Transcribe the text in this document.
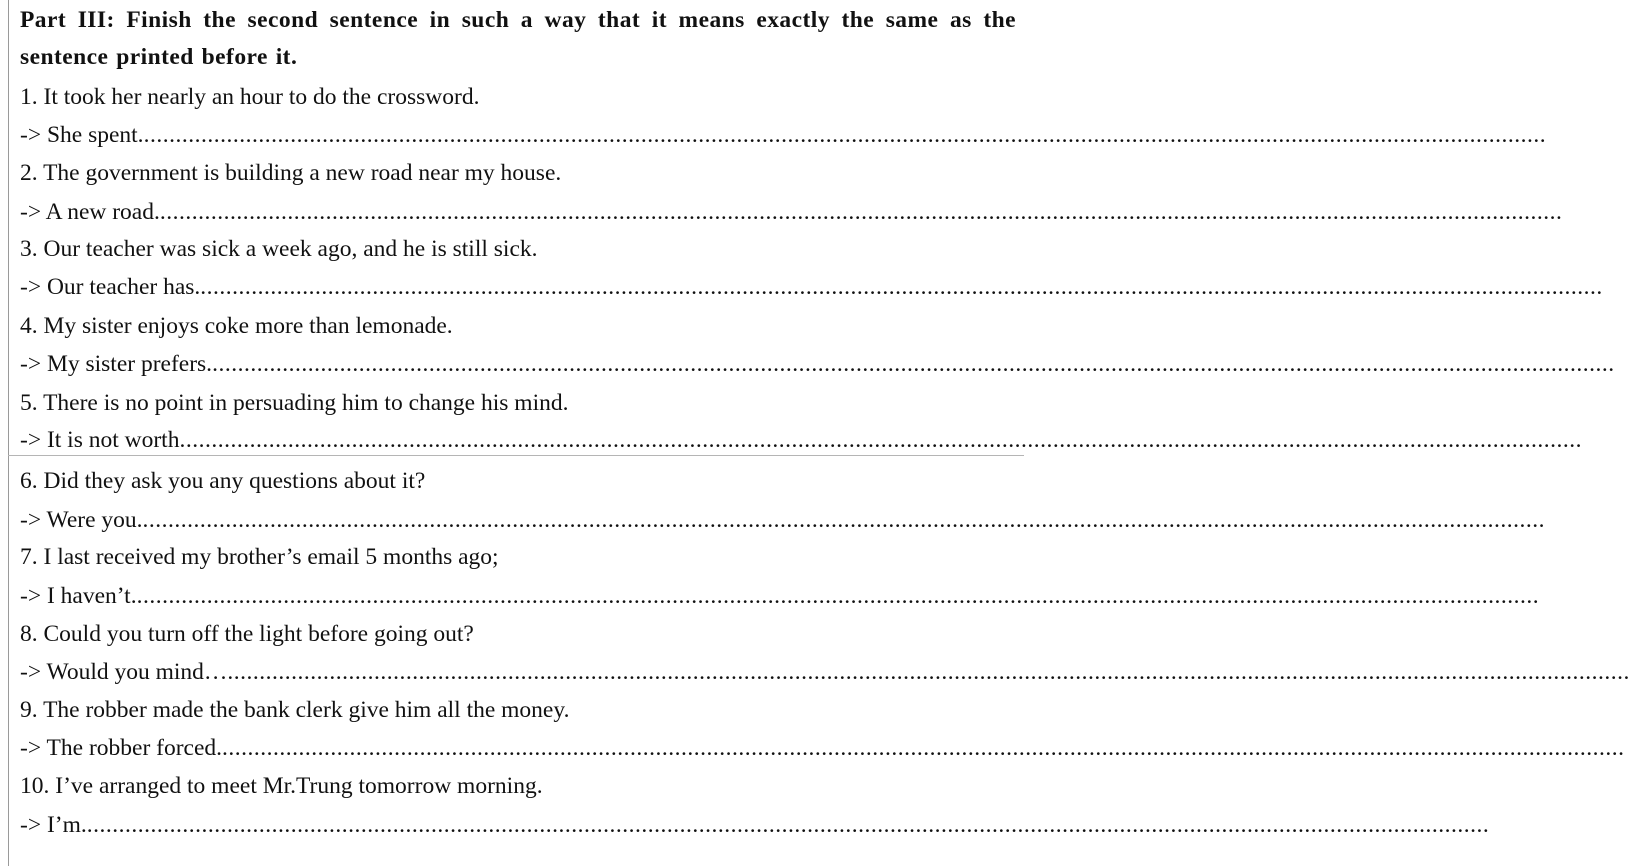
Part III: Finish the second sentence in such a way that it means exactly the same as the sentence printed before it.

1. It took her nearly an hour to do the crossword.

-> She spent. ............................................................................................................................................................................................................................

2. The government is building a new road near my house.

-> A new road. ............................................................................................................................................................................................................................

3. Our teacher was sick a week ago, and he is still sick.

-> Our teacher has. ............................................................................................................................................................................................................................

4. My sister enjoys coke more than lemonade.

-> My sister prefers. ............................................................................................................................................................................................................................

5. There is no point in persuading him to change his mind.

-> It is not worth ............................................................................................................................................................................................................................

6. Did they ask you any questions about it?

-> Were you. ............................................................................................................................................................................................................................

7. I last received my brother’s email 5 months ago;

-> I haven’t. ............................................................................................................................................................................................................................

8. Could you turn off the light before going out?

-> Would you mind… ............................................................................................................................................................................................................................

9. The robber made the bank clerk give him all the money.

-> The robber forced. ............................................................................................................................................................................................................................

10. I’ve arranged to meet Mr.Trung tomorrow morning.

-> I’m. ............................................................................................................................................................................................................................
